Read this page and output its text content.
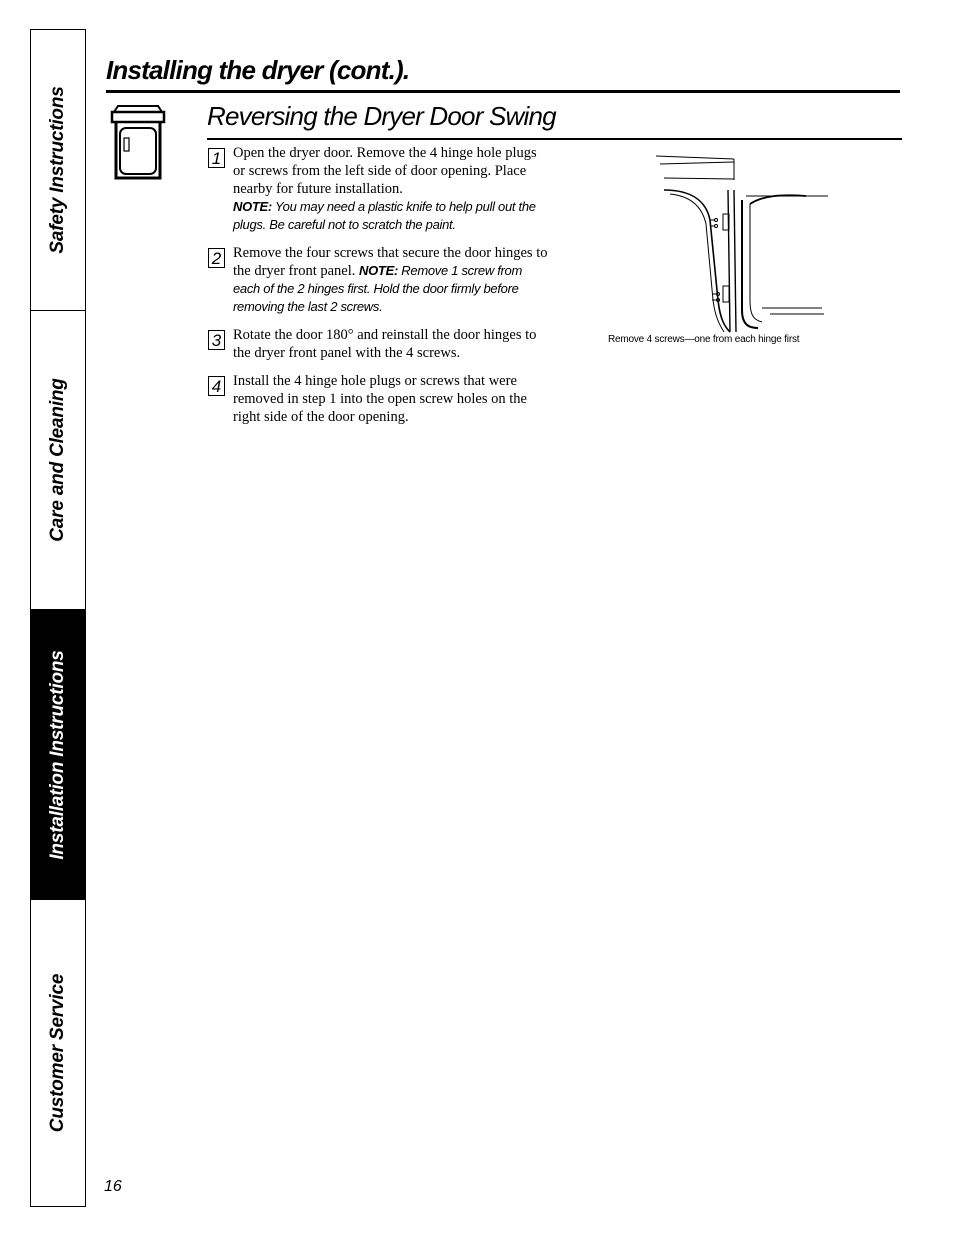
Safety Instructions
Care and Cleaning
Installation Instructions
Customer Service
Installing the dryer (cont.).
Reversing the Dryer Door Swing
1 Open the dryer door. Remove the 4 hinge hole plugs or screws from the left side of door opening. Place nearby for future installation.
NOTE: You may need a plastic knife to help pull out the plugs. Be careful not to scratch the paint.
2 Remove the four screws that secure the door hinges to the dryer front panel. NOTE: Remove 1 screw from each of the 2 hinges first. Hold the door firmly before removing the last 2 screws.
3 Rotate the door 180° and reinstall the door hinges to the dryer front panel with the 4 screws.
4 Install the 4 hinge hole plugs or screws that were removed in step 1 into the open screw holes on the right side of the door opening.
Remove 4 screws—one from each hinge first
16
